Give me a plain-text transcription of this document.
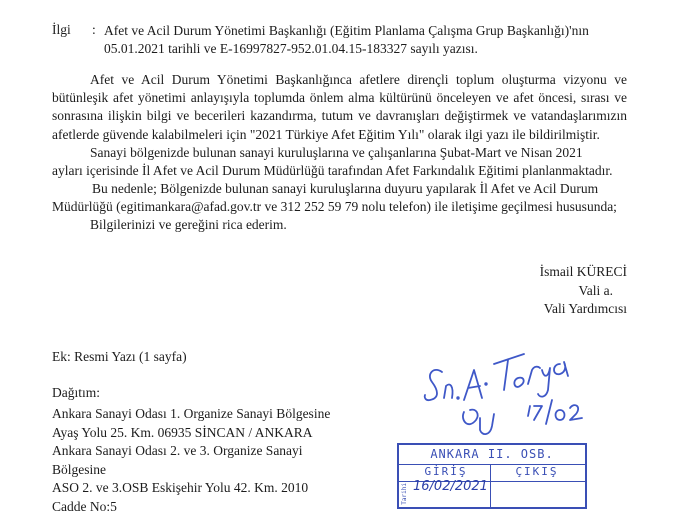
İlgi : Afet ve Acil Durum Yönetimi Başkanlığı (Eğitim Planlama Çalışma Grup Başkanlığı)'nın
05.01.2021 tarihli ve E-16997827-952.01.04.15-183327 sayılı yazısı.
Afet ve Acil Durum Yönetimi Başkanlığınca afetlere dirençli toplum oluşturma vizyonu ve bütünleşik afet yönetimi anlayışıyla toplumda önlem alma kültürünü önceleyen ve afet öncesi, sırası ve sonrasına ilişkin bilgi ve becerileri kazandırma, tutum ve davranışları değiştirmek ve vatandaşlarımızın afetlerde güvende kalabilmeleri için "2021 Türkiye Afet Eğitim Yılı" olarak ilgi yazı ile bildirilmiştir.
Sanayi bölgenizde bulunan sanayi kuruluşlarına ve çalışanlarına Şubat-Mart ve Nisan 2021
ayları içerisinde İl Afet ve Acil Durum Müdürlüğü tarafından Afet Farkındalık Eğitimi planlanmaktadır.
Bu nedenle; Bölgenizde bulunan sanayi kuruluşlarına duyuru yapılarak İl Afet ve Acil Durum
Müdürlüğü (egitimankara@afad.gov.tr ve 312 252 59 79 nolu telefon) ile iletişime geçilmesi hususunda;
Bilgilerinizi ve gereğini rica ederim.
İsmail KÜRECİ
Vali a.
Vali Yardımcısı
Ek: Resmi Yazı (1 sayfa)
Dağıtım:
Ankara Sanayi Odası 1. Organize Sanayi Bölgesine
Ayaş Yolu 25. Km. 06935 SİNCAN / ANKARA
Ankara Sanayi Odası 2. ve 3. Organize Sanayi
Bölgesine
ASO 2. ve 3.OSB Eskişehir Yolu 42. Km. 2010
Cadde No:5
ANKARA II. OSB.
GİRİŞ	ÇIKIŞ
Tarihi 16/02/2021
